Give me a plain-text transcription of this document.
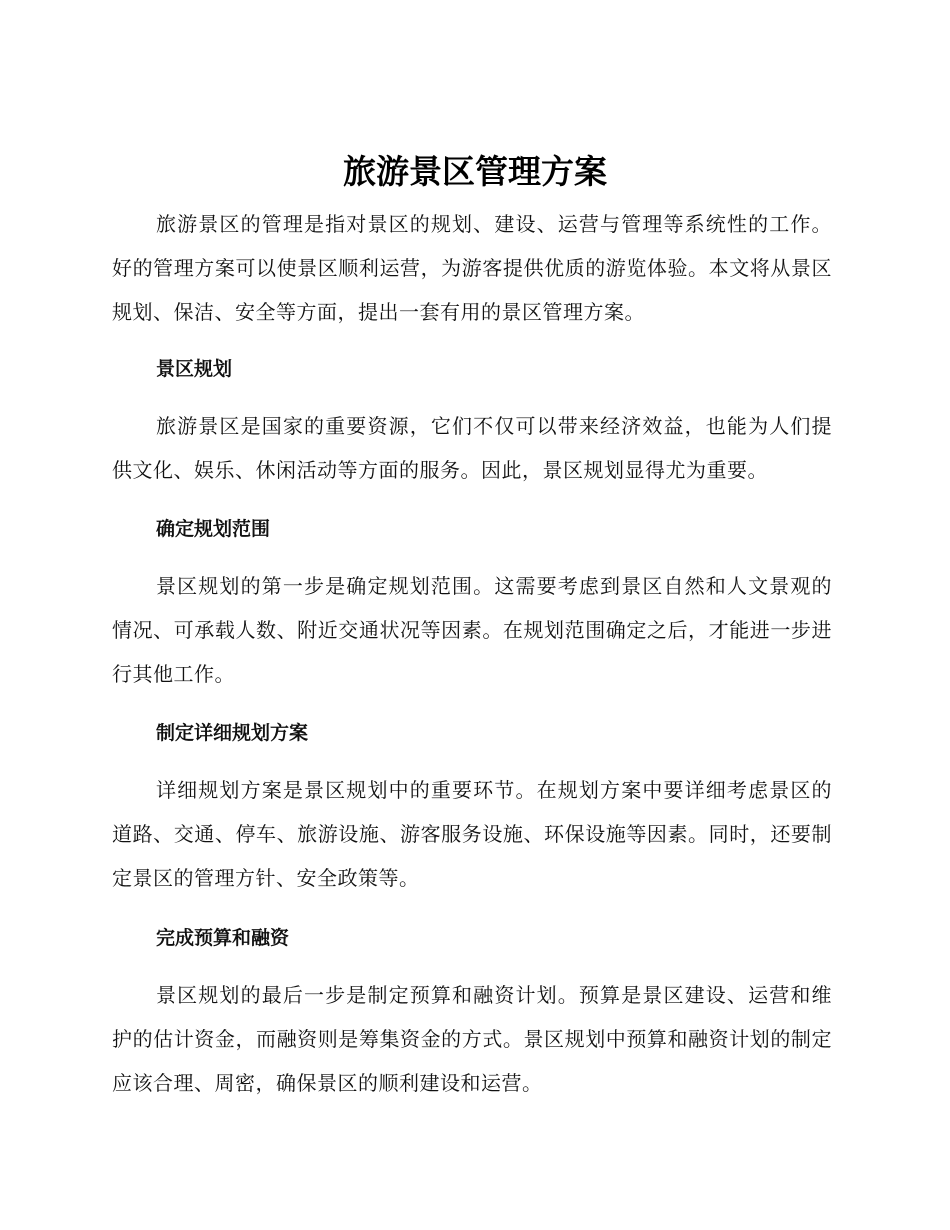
旅游景区管理方案

旅游景区的管理是指对景区的规划、建设、运营与管理等系统性的工作。好的管理方案可以使景区顺利运营，为游客提供优质的游览体验。本文将从景区规划、保洁、安全等方面，提出一套有用的景区管理方案。

景区规划

旅游景区是国家的重要资源，它们不仅可以带来经济效益，也能为人们提供文化、娱乐、休闲活动等方面的服务。因此，景区规划显得尤为重要。

确定规划范围

景区规划的第一步是确定规划范围。这需要考虑到景区自然和人文景观的情况、可承载人数、附近交通状况等因素。在规划范围确定之后，才能进一步进行其他工作。

制定详细规划方案

详细规划方案是景区规划中的重要环节。在规划方案中要详细考虑景区的道路、交通、停车、旅游设施、游客服务设施、环保设施等因素。同时，还要制定景区的管理方针、安全政策等。

完成预算和融资

景区规划的最后一步是制定预算和融资计划。预算是景区建设、运营和维护的估计资金，而融资则是筹集资金的方式。景区规划中预算和融资计划的制定应该合理、周密，确保景区的顺利建设和运营。
